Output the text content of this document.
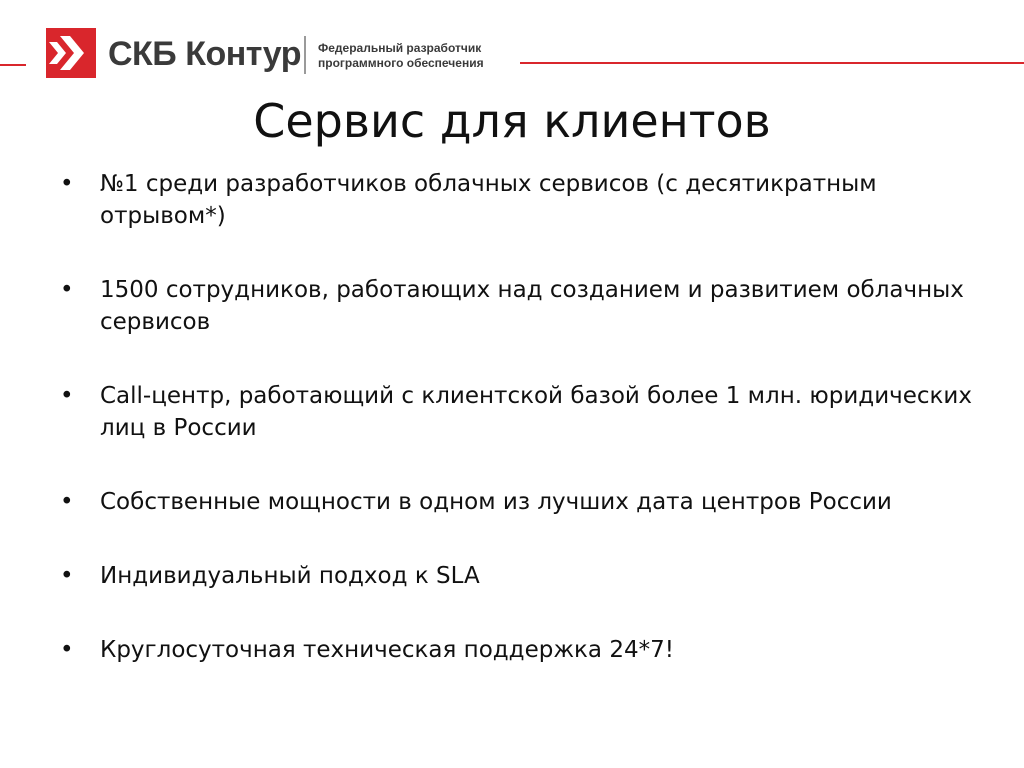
СКБ Контур Федеральный разработчик
программного обеспечения
Сервис для клиентов
• №1 среди разработчиков облачных сервисов (с десятикратным отрывом*)
• 1500 сотрудников, работающих над созданием и развитием облачных сервисов
• Call-центр, работающий с клиентской базой более 1 млн. юридических лиц в России
• Собственные мощности в одном из лучших дата центров России
• Индивидуальный подход к SLA
• Круглосуточная техническая поддержка 24*7!
